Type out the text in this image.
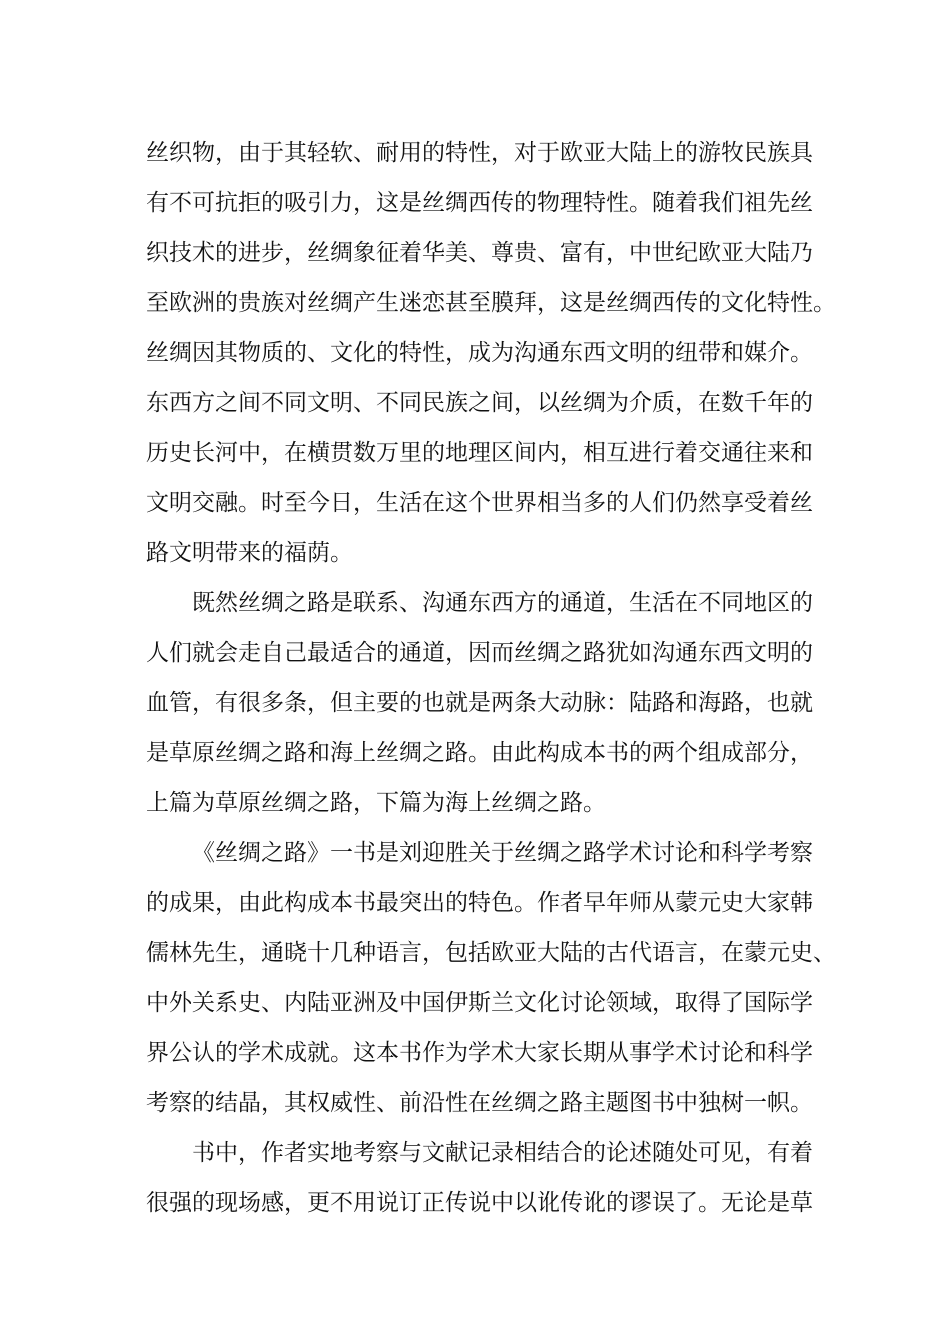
丝织物，由于其轻软、耐用的特性，对于欧亚大陆上的游牧民族具
有不可抗拒的吸引力，这是丝绸西传的物理特性。随着我们祖先丝
织技术的进步，丝绸象征着华美、尊贵、富有，中世纪欧亚大陆乃
至欧洲的贵族对丝绸产生迷恋甚至膜拜，这是丝绸西传的文化特性。
丝绸因其物质的、文化的特性，成为沟通东西文明的纽带和媒介。
东西方之间不同文明、不同民族之间，以丝绸为介质，在数千年的
历史长河中，在横贯数万里的地理区间内，相互进行着交通往来和
文明交融。时至今日，生活在这个世界相当多的人们仍然享受着丝
路文明带来的福荫。
既然丝绸之路是联系、沟通东西方的通道，生活在不同地区的
人们就会走自己最适合的通道，因而丝绸之路犹如沟通东西文明的
血管，有很多条，但主要的也就是两条大动脉：陆路和海路，也就
是草原丝绸之路和海上丝绸之路。由此构成本书的两个组成部分，
上篇为草原丝绸之路，下篇为海上丝绸之路。
《丝绸之路》一书是刘迎胜关于丝绸之路学术讨论和科学考察
的成果，由此构成本书最突出的特色。作者早年师从蒙元史大家韩
儒林先生，通晓十几种语言，包括欧亚大陆的古代语言，在蒙元史、
中外关系史、内陆亚洲及中国伊斯兰文化讨论领域，取得了国际学
界公认的学术成就。这本书作为学术大家长期从事学术讨论和科学
考察的结晶，其权威性、前沿性在丝绸之路主题图书中独树一帜。
书中，作者实地考察与文献记录相结合的论述随处可见，有着
很强的现场感，更不用说订正传说中以讹传讹的谬误了。无论是草
